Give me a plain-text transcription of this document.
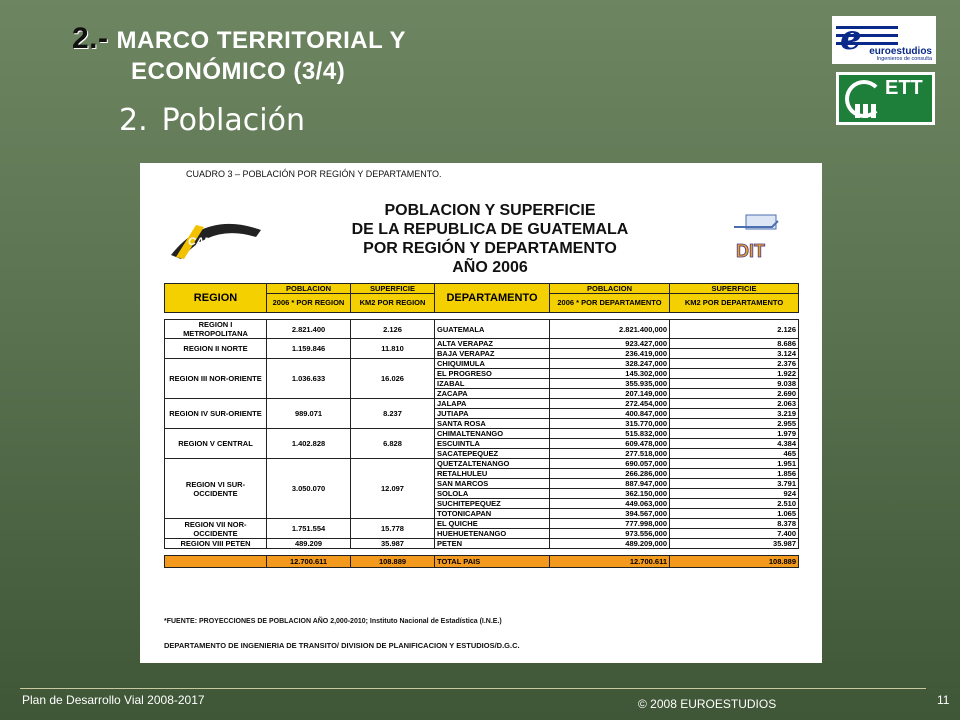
2.- MARCO TERRITORIAL Y
ECONÓMICO (3/4)
2. Población
e euroestudios
Ingenieros de consulta
ETT
CUADRO 3 – POBLACIÓN POR REGIÓN Y DEPARTAMENTO.
CAMINOS
POBLACION Y SUPERFICIE
DE LA REPUBLICA DE GUATEMALA
POR REGIÓN Y DEPARTAMENTO
AÑO 2006
DIT
REGION	POBLACION	SUPERFICIE	DEPARTAMENTO	POBLACION	SUPERFICIE
	2006 * POR REGION	KM2 POR REGION		2006 * POR DEPARTAMENTO	KM2 POR DEPARTAMENTO

REGION I METROPOLITANA	2.821.400	2.126	GUATEMALA	2.821.400,000	2.126
REGION II NORTE	1.159.846	11.810	ALTA VERAPAZ	923.427,000	8.686
			BAJA VERAPAZ	236.419,000	3.124
REGION III NOR-ORIENTE	1.036.633	16.026	CHIQUIMULA	328.247,000	2.376
			EL PROGRESO	145.302,000	1.922
			IZABAL	355.935,000	9.038
			ZACAPA	207.149,000	2.690
REGION IV SUR-ORIENTE	989.071	8.237	JALAPA	272.454,000	2.063
			JUTIAPA	400.847,000	3.219
			SANTA ROSA	315.770,000	2.955
REGION V CENTRAL	1.402.828	6.828	CHIMALTENANGO	515.832,000	1.979
			ESCUINTLA	609.478,000	4.384
			SACATEPEQUEZ	277.518,000	465
REGION VI SUR-OCCIDENTE	3.050.070	12.097	QUETZALTENANGO	690.057,000	1.951
			RETALHULEU	266.286,000	1.856
			SAN MARCOS	887.947,000	3.791
			SOLOLA	362.150,000	924
			SUCHITEPEQUEZ	449.063,000	2.510
			TOTONICAPAN	394.567,000	1.065
REGION VII NOR-OCCIDENTE	1.751.554	15.778	EL QUICHE	777.998,000	8.378
			HUEHUETENANGO	973.556,000	7.400
REGION VIII PETEN	489.209	35.987	PETEN	489.209,000	35.987

	12.700.611	108.889	TOTAL PAIS	12.700.611	108.889
*FUENTE: PROYECCIONES DE POBLACION AÑO 2,000-2010; Instituto Nacional de Estadística (I.N.E.)
DEPARTAMENTO DE INGENIERIA DE TRANSITO/ DIVISION DE PLANIFICACION Y ESTUDIOS/D.G.C.
Plan de Desarrollo Vial 2008-2017	© 2008 EUROESTUDIOS	11
